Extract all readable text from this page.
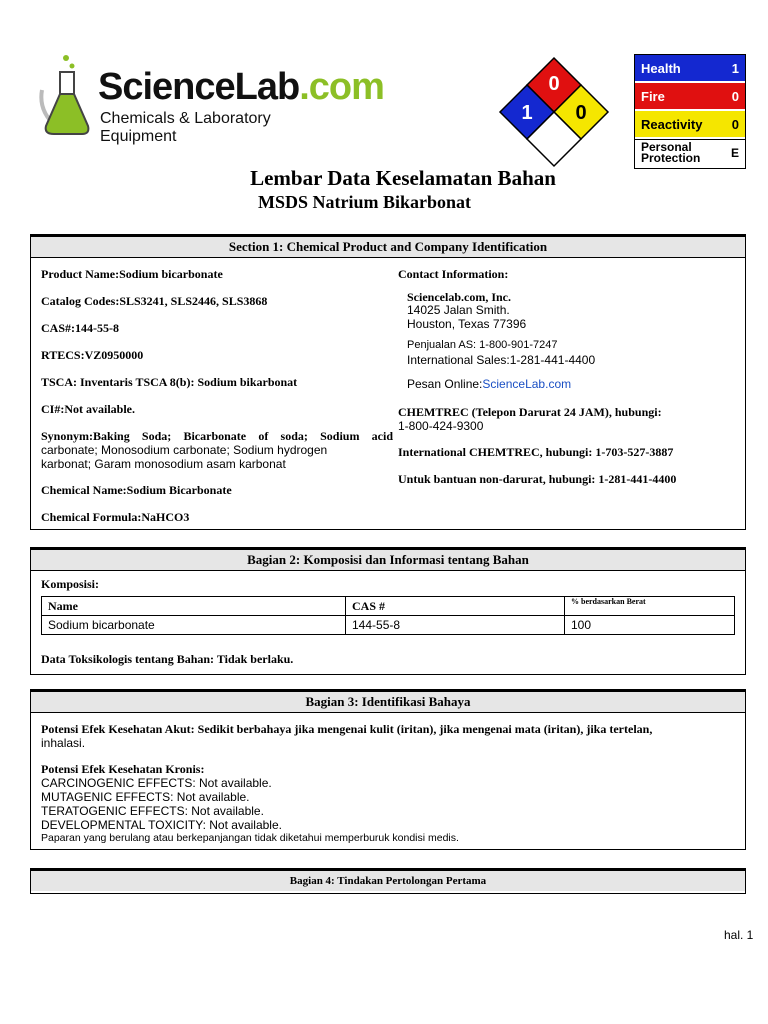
ScienceLab.com
Chemicals & Laboratory Equipment
0
1 0
Health	1
Fire	0
Reactivity 0
Personal
Protection	E
Lembar Data Keselamatan Bahan
MSDS Natrium Bikarbonat
Section 1: Chemical Product and Company Identification
Product Name:Sodium bicarbonate
Catalog Codes:SLS3241, SLS2446, SLS3868
CAS#:144-55-8
RTECS:VZ0950000
TSCA: Inventaris TSCA 8(b): Sodium bikarbonat
CI#:Not available.
Synonym:Baking Soda; Bicarbonate of soda; Sodium acid
carbonate; Monosodium carbonate; Sodium hydrogen
karbonat; Garam monosodium asam karbonat
Chemical Name:Sodium Bicarbonate
Chemical Formula:NaHCO3
Contact Information:
Sciencelab.com, Inc.
14025 Jalan Smith.
Houston, Texas 77396
Penjualan AS: 1-800-901-7247
International Sales:1-281-441-4400
Pesan Online:ScienceLab.com
CHEMTREC (Telepon Darurat 24 JAM), hubungi:
1-800-424-9300
International CHEMTREC, hubungi: 1-703-527-3887
Untuk bantuan non-darurat, hubungi: 1-281-441-4400
Bagian 2: Komposisi dan Informasi tentang Bahan
Komposisi:
Name	CAS #	% berdasarkan Berat
Sodium bicarbonate	144-55-8	100
Data Toksikologis tentang Bahan: Tidak berlaku.
Bagian 3: Identifikasi Bahaya
Potensi Efek Kesehatan Akut: Sedikit berbahaya jika mengenai kulit (iritan), jika mengenai mata (iritan), jika tertelan,
inhalasi.
Potensi Efek Kesehatan Kronis:
CARCINOGENIC EFFECTS: Not available.
MUTAGENIC EFFECTS: Not available.
TERATOGENIC EFFECTS: Not available.
DEVELOPMENTAL TOXICITY: Not available.
Paparan yang berulang atau berkepanjangan tidak diketahui memperburuk kondisi medis.
Bagian 4: Tindakan Pertolongan Pertama
hal. 1
